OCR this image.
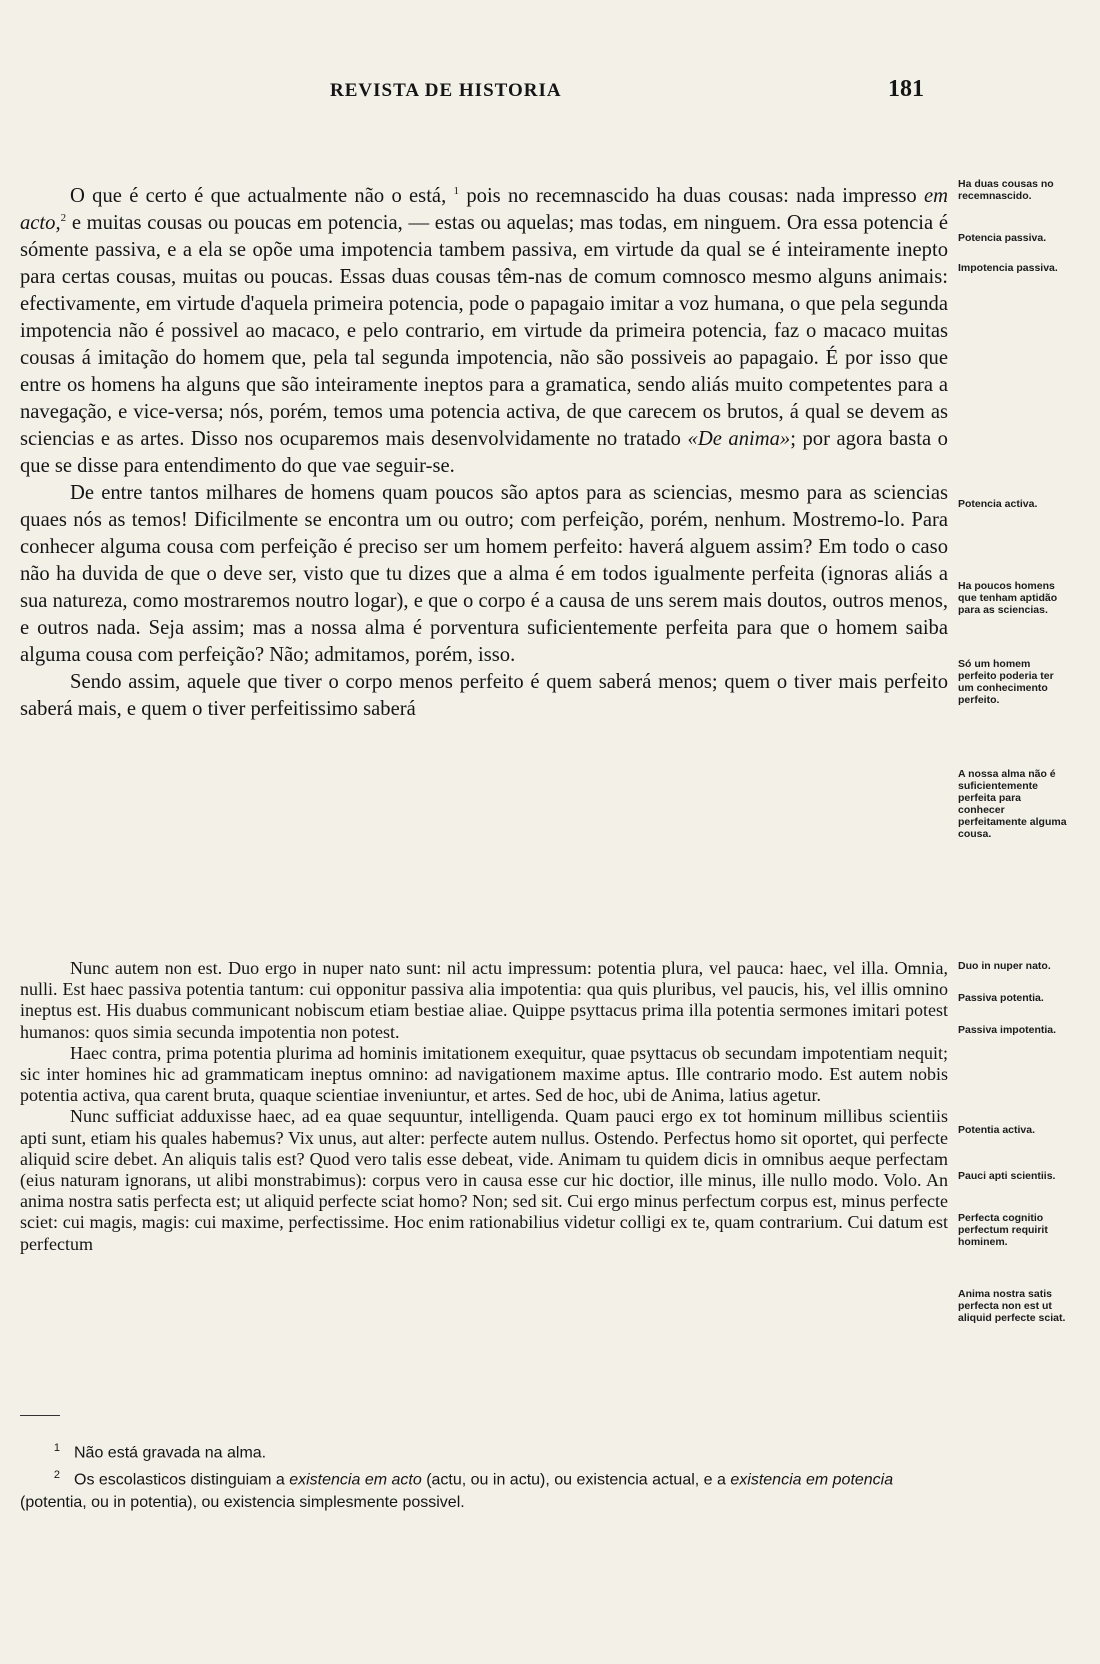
REVISTA DE HISTORIA	181

O que é certo é que actualmente não o está, $^1$ pois no recemnascido ha duas cousas: nada impresso em acto,$^2$ e muitas cousas ou poucas em potencia, — estas ou aquelas; mas todas, em ninguem. Ora essa potencia é sómente passiva, e a ela se opõe uma impotencia tambem passiva, em virtude da qual se é inteiramente inepto para certas cousas, muitas ou poucas. Essas duas cousas têm-nas de comum comnosco mesmo alguns animais: efectivamente, em virtude d'aquela primeira potencia, pode o papagaio imitar a voz humana, o que pela segunda impotencia não é possivel ao macaco, e pelo contrario, em virtude da primeira potencia, faz o macaco muitas cousas á imitação do homem que, pela tal segunda impotencia, não são possiveis ao papagaio. É por isso que entre os homens ha alguns que são inteiramente ineptos para a gramatica, sendo aliás muito competentes para a navegação, e vice-versa; nós, porém, temos uma potencia activa, de que carecem os brutos, á qual se devem as sciencias e as artes. Disso nos ocuparemos mais desenvolvidamente no tratado «De anima»; por agora basta o que se disse para entendimento do que vae seguir-se.

De entre tantos milhares de homens quam poucos são aptos para as sciencias, mesmo para as sciencias quaes nós as temos! Dificilmente se encontra um ou outro; com perfeição, porém, nenhum. Mostremo-lo. Para conhecer alguma cousa com perfeição é preciso ser um homem perfeito: haverá alguem assim? Em todo o caso não ha duvida de que o deve ser, visto que tu dizes que a alma é em todos igualmente perfeita (ignoras aliás a sua natureza, como mostraremos noutro logar), e que o corpo é a causa de uns serem mais doutos, outros menos, e outros nada. Seja assim; mas a nossa alma é porventura suficientemente perfeita para que o homem saiba alguma cousa com perfeição? Não; admitamos, porém, isso.

Sendo assim, aquele que tiver o corpo menos perfeito é quem saberá menos; quem o tiver mais perfeito saberá mais, e quem o tiver perfeitissimo saberá

Ha duas cousas no recemnascido.
Potencia passiva.
Impotencia passiva.
Potencia activa.
Ha poucos homens que tenham aptidão para as sciencias.
Só um homem perfeito poderia ter um conhecimento perfeito.
A nossa alma não é suficientemente perfeita para conhecer perfeitamente alguma cousa.

Nunc autem non est. Duo ergo in nuper nato sunt: nil actu impressum: potentia plura, vel pauca: haec, vel illa. Omnia, nulli. Est haec passiva potentia tantum: cui opponitur passiva alia impotentia: qua quis pluribus, vel paucis, his, vel illis omnino ineptus est. His duabus communicant nobiscum etiam bestiae aliae. Quippe psyttacus prima illa potentia sermones imitari potest humanos: quos simia secunda impotentia non potest.

Haec contra, prima potentia plurima ad hominis imitationem exequitur, quae psyttacus ob secundam impotentiam nequit; sic inter homines hic ad grammaticam ineptus omnino: ad navigationem maxime aptus. Ille contrario modo. Est autem nobis potentia activa, qua carent bruta, quaque scientiae inveniuntur, et artes. Sed de hoc, ubi de Anima, latius agetur.

Nunc sufficiat adduxisse haec, ad ea quae sequuntur, intelligenda. Quam pauci ergo ex tot hominum millibus scientiis apti sunt, etiam his quales habemus? Vix unus, aut alter: perfecte autem nullus. Ostendo. Perfectus homo sit oportet, qui perfecte aliquid scire debet. An aliquis talis est? Quod vero talis esse debeat, vide. Animam tu quidem dicis in omnibus aeque perfectam (eius naturam ignorans, ut alibi monstrabimus): corpus vero in causa esse cur hic doctior, ille minus, ille nullo modo. Volo. An anima nostra satis perfecta est; ut aliquid perfecte sciat homo? Non; sed sit. Cui ergo minus perfectum corpus est, minus perfecte sciet: cui magis, magis: cui maxime, perfectissime. Hoc enim rationabilius videtur colligi ex te, quam contrarium. Cui datum est perfectum

Duo in nuper nato.
Passiva potentia.
Passiva impotentia.
Potentia activa.
Pauci apti scientiis.
Perfecta cognitio perfectum requirit hominem.
Anima nostra satis perfecta non est ut aliquid perfecte sciat.

1 Não está gravada na alma.

2 Os escolasticos distinguiam a existencia em acto (actu, ou in actu), ou existencia actual, e a existencia em potencia (potentia, ou in potentia), ou existencia simplesmente possivel.
